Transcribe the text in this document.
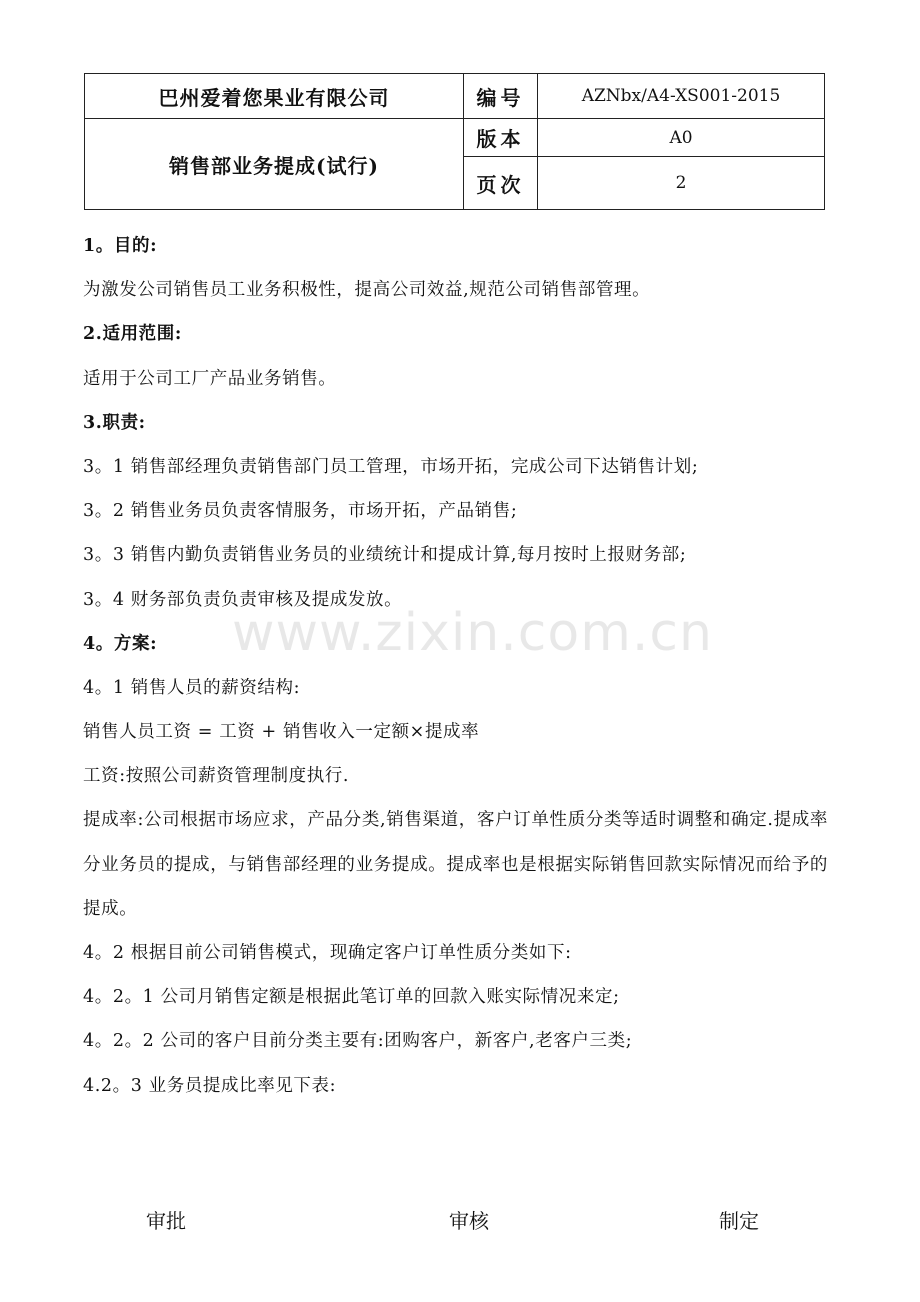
巴州爱着您果业有限公司	编号	AZNbx/A4-XS001-2015
销售部业务提成(试行)	版本	A0
	页次	2
1。目的:
为激发公司销售员工业务积极性，提高公司效益,规范公司销售部管理。
2.适用范围:
适用于公司工厂产品业务销售。
3.职责:
3。1 销售部经理负责销售部门员工管理，市场开拓，完成公司下达销售计划;
3。2 销售业务员负责客情服务，市场开拓，产品销售;
3。3 销售内勤负责销售业务员的业绩统计和提成计算,每月按时上报财务部;
3。4 财务部负责负责审核及提成发放。
4。方案:
4。1 销售人员的薪资结构:
销售人员工资 = 工资 + 销售收入一定额×提成率
工资:按照公司薪资管理制度执行.
提成率:公司根据市场应求，产品分类,销售渠道，客户订单性质分类等适时调整和确定.提成率分业务员的提成，与销售部经理的业务提成。提成率也是根据实际销售回款实际情况而给予的提成。
4。2 根据目前公司销售模式，现确定客户订单性质分类如下:
4。2。1 公司月销售定额是根据此笔订单的回款入账实际情况来定;
4。2。2 公司的客户目前分类主要有:团购客户，新客户,老客户三类;
4.2。3 业务员提成比率见下表:
www.zixin.com.cn
审批	审核	制定
